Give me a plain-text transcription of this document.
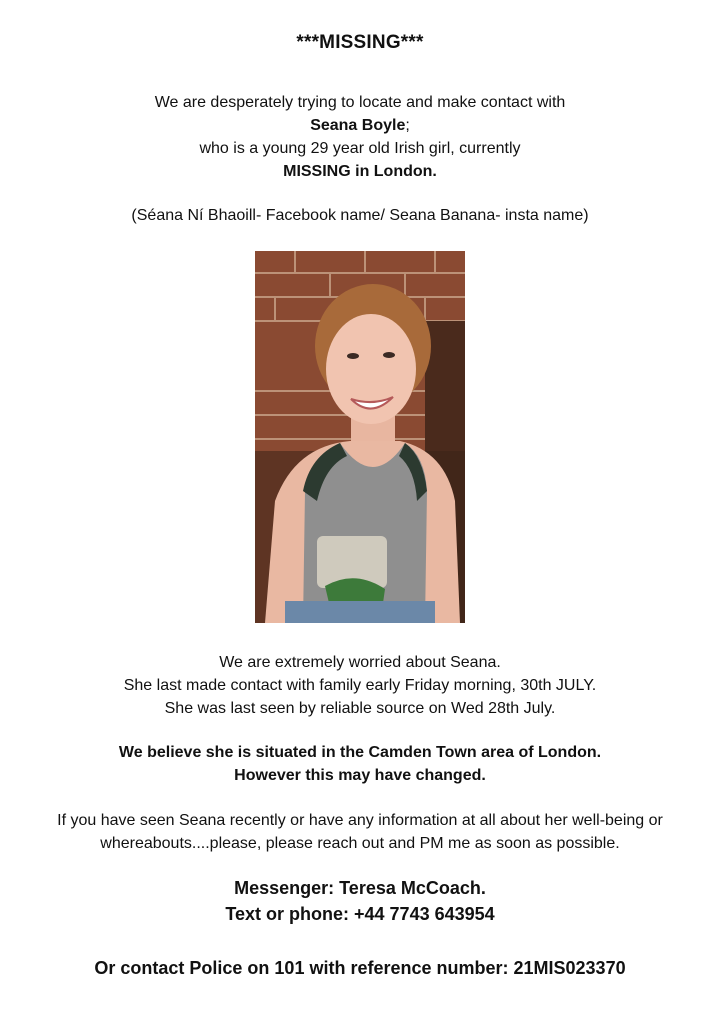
***MISSING***
We are desperately trying to locate and make contact with
Seana Boyle;
who is a young 29 year old Irish girl, currently
MISSING in London.
(Séana Ní Bhaoill- Facebook name/ Seana Banana- insta name)
We are extremely worried about Seana.
She last made contact with family early Friday morning, 30th JULY.
She was last seen by reliable source on Wed 28th July.
We believe she is situated in the Camden Town area of London.
However this may have changed.
If you have seen Seana recently or have any information at all about her well-being or
whereabouts....please, please reach out and PM me as soon as possible.
Messenger: Teresa McCoach.
Text or phone: +44 7743 643954
Or contact Police on 101 with reference number: 21MIS023370
